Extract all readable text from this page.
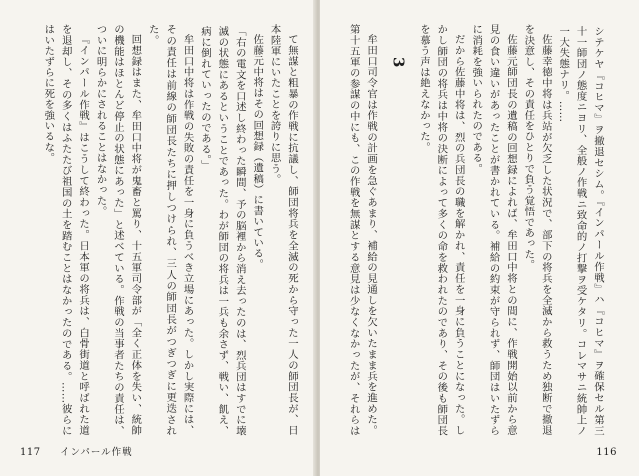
て無謀と粗暴の作戦に抗議し、師団将兵を全滅の死から守った一人の師団長が、日本陸軍にいたことを誇りに思う。

佐藤元中将はその回想録（遺稿）に書いている。

「右の電文を口述し終わった瞬間、予の脳裡から消え去ったのは、烈兵団はすでに壊滅の状態にあるということであった。わが師団の将兵は一兵も余さず、戦い、飢え、病に倒れていったのである。」

牟田口中将は作戦の失敗の責任を一身に負うべき立場にあった。しかし実際には、その責任は前線の師団長たちに押しつけられ、三人の師団長がつぎつぎに更迭された。

回想録はまた、牟田口中将が鬼畜と罵り、十五軍司令部が「全く正体を失い、統帥の機能はほとんど停止の状態にあった」と述べている。作戦の当事者たちの責任は、ついに明らかにされることはなかった。

『インパール作戦』はこうして終わった。日本軍の将兵は、白骨街道と呼ばれた道を退却し、その多くはふたたび祖国の土を踏むことはなかったのである。……彼らにはいたずらに死を強いるな。

117 インパール作戦

シテケヤ『コヒマ』ヲ撤退セシム。『インパール作戦』ハ『コヒマ』ヲ確保セル第三十一師団ノ態度ニヨリ、全般ノ作戦ニ致命的ノ打撃ヲ受ケタリ。コレマサニ統帥上ノ一大失態ナリ。……

佐藤幸徳中将は兵站が欠乏した状況で、部下の将兵を全滅から救うため独断で撤退を決意し、その責任をひとりで負う覚悟であった。

佐藤元師団長の遺稿の回想録によれば、牟田口中将との間に、作戦開始以前から意見の食い違いがあったことが書かれている。補給の約束が守られず、師団はいたずらに消耗を強いられたのである。

だから佐藤中将は、烈の兵団長の職を解かれ、責任を一身に負うことになった。しかし師団の将兵は中将の決断によって多くの命を救われたのであり、その後も師団長を慕う声は絶えなかった。

3

牟田口司令官は作戦の計画を急ぐあまり、補給の見通しを欠いたまま兵を進めた。第十五軍の参謀の中にも、この作戦を無謀とする意見は少なくなかったが、それらは

116
